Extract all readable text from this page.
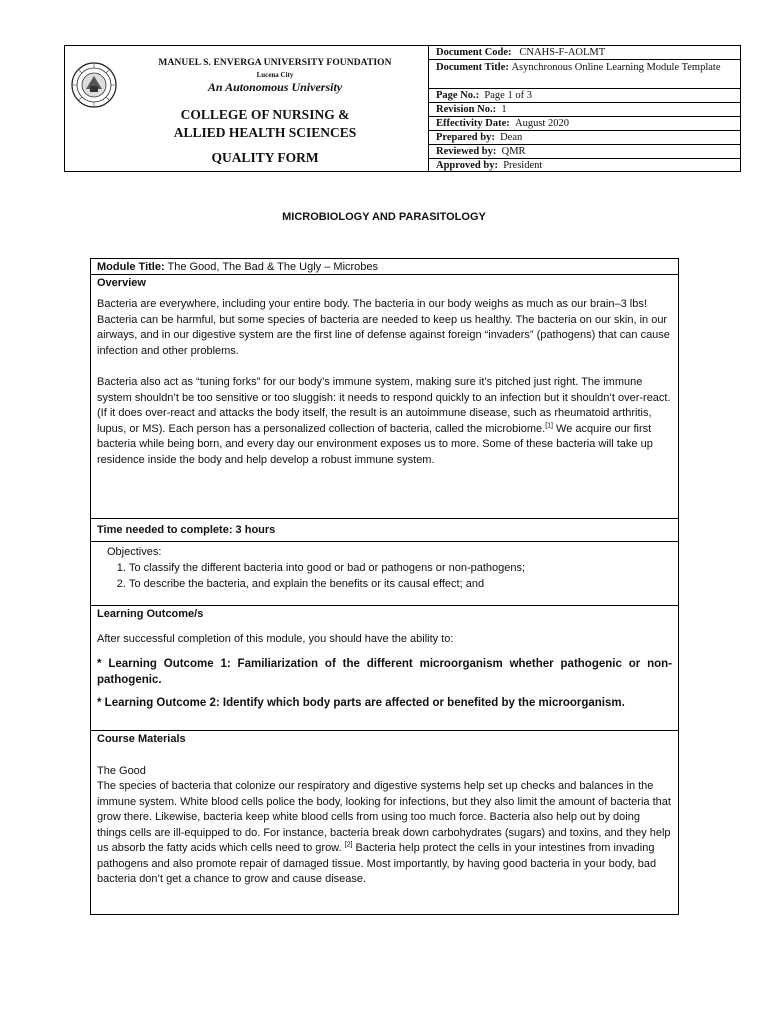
MANUEL S. ENVERGA UNIVERSITY FOUNDATION
Lucena City
An Autonomous University
COLLEGE OF NURSING &
ALLIED HEALTH SCIENCES
QUALITY FORM
Document Code: CNAHS-F-AOLMT
Document Title: Asynchronous Online Learning Module Template
Page No.: Page 1 of 3
Revision No.: 1
Effectivity Date: August 2020
Prepared by: Dean
Reviewed by: QMR
Approved by: President
MICROBIOLOGY AND PARASITOLOGY
Module Title: The Good, The Bad & The Ugly – Microbes
Overview

Bacteria are everywhere, including your entire body. The bacteria in our body weighs as much as our brain–3 lbs! Bacteria can be harmful, but some species of bacteria are needed to keep us healthy. The bacteria on our skin, in our airways, and in our digestive system are the first line of defense against foreign “invaders” (pathogens) that can cause infection and other problems.

Bacteria also act as “tuning forks” for our body’s immune system, making sure it’s pitched just right. The immune system shouldn’t be too sensitive or too sluggish: it needs to respond quickly to an infection but it shouldn’t over-react. (If it does over-react and attacks the body itself, the result is an autoimmune disease, such as rheumatoid arthritis, lupus, or MS). Each person has a personalized collection of bacteria, called the microbiome.[1] We acquire our first bacteria while being born, and every day our environment exposes us to more. Some of these bacteria will take up residence inside the body and help develop a robust immune system.

Time needed to complete: 3 hours
Objectives:
1. To classify the different bacteria into good or bad or pathogens or non-pathogens;
2. To describe the bacteria, and explain the benefits or its causal effect; and
Learning Outcome/s

After successful completion of this module, you should have the ability to:

* Learning Outcome 1: Familiarization of the different microorganism whether pathogenic or non-pathogenic.

* Learning Outcome 2: Identify which body parts are affected or benefited by the microorganism.

Course Materials
The Good

The species of bacteria that colonize our respiratory and digestive systems help set up checks and balances in the immune system. White blood cells police the body, looking for infections, but they also limit the amount of bacteria that grow there. Likewise, bacteria keep white blood cells from using too much force. Bacteria also help out by doing things cells are ill-equipped to do. For instance, bacteria break down carbohydrates (sugars) and toxins, and they help us absorb the fatty acids which cells need to grow. [2] Bacteria help protect the cells in your intestines from invading pathogens and also promote repair of damaged tissue. Most importantly, by having good bacteria in your body, bad bacteria don’t get a chance to grow and cause disease.
